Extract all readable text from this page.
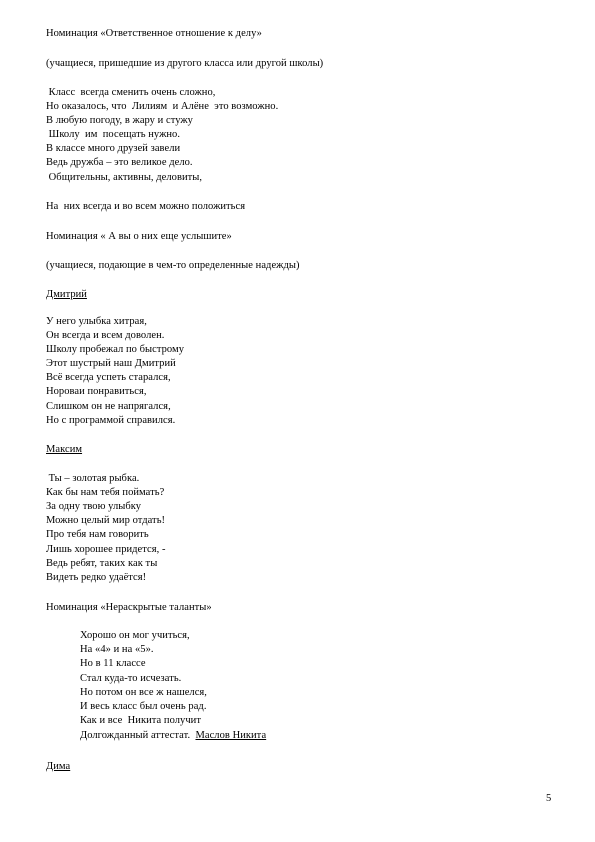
Номинация «Ответственное отношение к делу»
(учащиеся, пришедшие из другого класса или другой школы)
Класс  всегда сменить очень сложно,
Но оказалось, что  Лилиям  и Алёне  это возможно.
В любую погоду, в жару и стужу
Школу  им  посещать нужно.
В классе много друзей завели
Ведь дружба – это великое дело.
Общительны, активны, деловиты,
На  них всегда и во всем можно положиться
Номинация « А вы о них еще услышите»
(учащиеся, подающие в чем-то определенные надежды)
Дмитрий
У него улыбка хитрая,
Он всегда и всем доволен.
Школу пробежал по быстрому
Этот шустрый наш Дмитрий
Всё всегда успеть старался,
Нороваи понравиться,
Слишком он не напрягался,
Но с программой справился.
Максим
Ты – золотая рыбка.
Как бы нам тебя поймать?
За одну твою улыбку
Можно целый мир отдать!
Про тебя нам говорить
Лишь хорошее придется, -
Ведь ребят, таких как ты
Видеть редко удаётся!
Номинация «Нераскрытые таланты»
Хорошо он мог учиться,
На «4» и на «5».
Но в 11 классе
Стал куда-то исчезать.
Но потом он все ж нашелся,
И весь класс был очень рад.
Как и все  Никита получит
Долгожданный аттестат.  Маслов Никита
Дима
5
